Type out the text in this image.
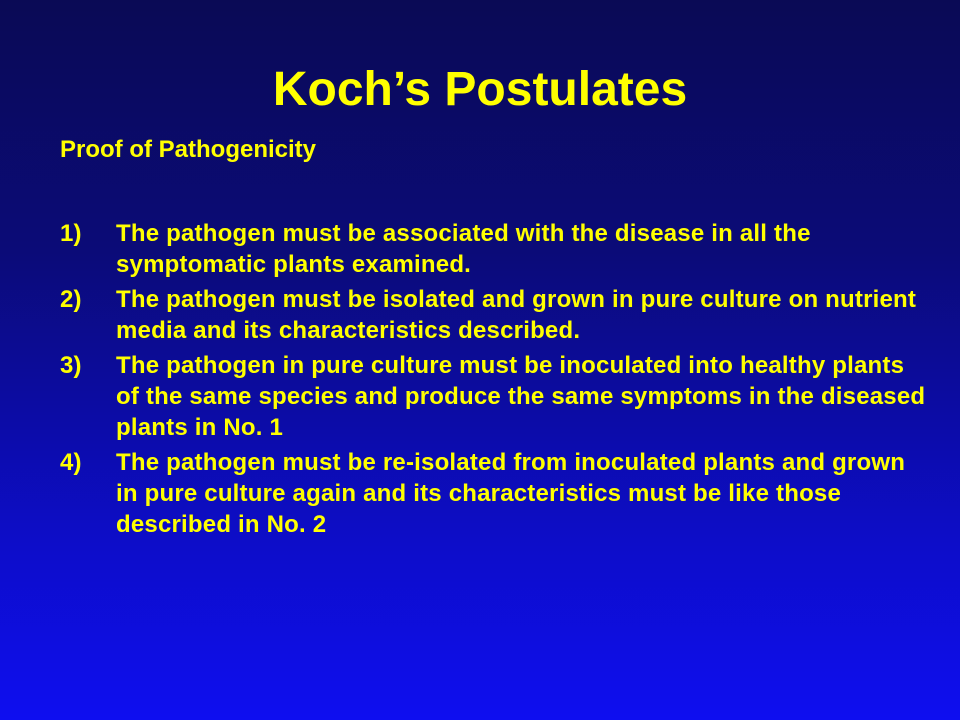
Koch’s Postulates
Proof of Pathogenicity
1)	The pathogen must be associated with the disease in all the symptomatic plants examined.
2)	The pathogen must be isolated and grown in pure culture on nutrient media and its characteristics described.
3)	The pathogen in pure culture must be inoculated into healthy plants of the same species and produce the same symptoms in the diseased plants in No. 1
4)	The pathogen must be re-isolated from inoculated plants and grown in pure culture again and its characteristics must be like those described in No. 2
